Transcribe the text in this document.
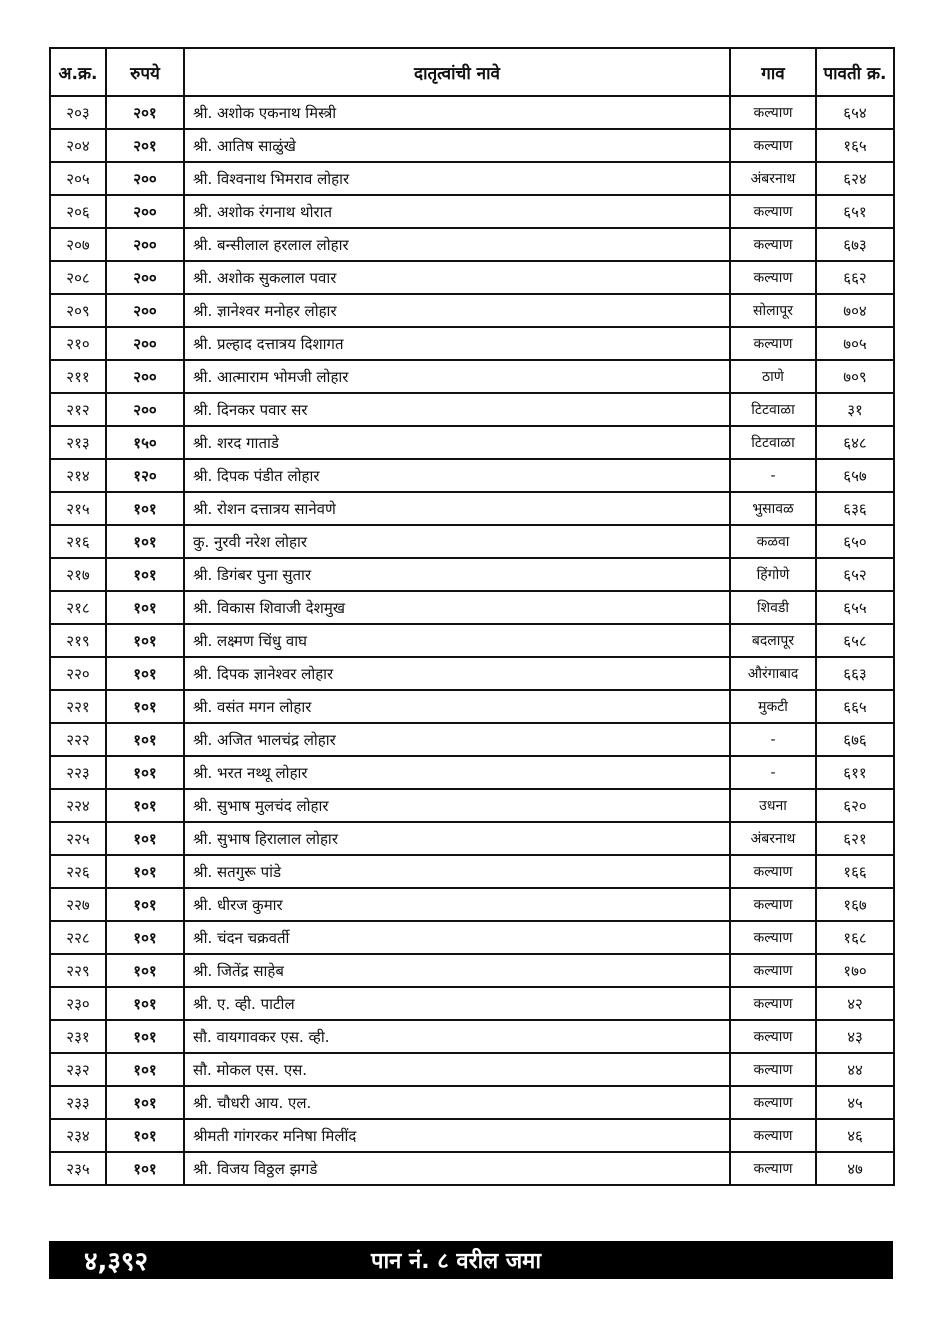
अ.क्र.	रुपये	दातृत्वांची नावे	गाव	पावती क्र.
२०३	२०१	श्री. अशोक एकनाथ मिस्त्री	कल्याण	६५४
२०४	२०१	श्री. आतिष साळुंखे	कल्याण	१६५
२०५	२००	श्री. विश्वनाथ भिमराव लोहार	अंबरनाथ	६२४
२०६	२००	श्री. अशोक रंगनाथ थोरात	कल्याण	६५१
२०७	२००	श्री. बन्सीलाल हरलाल लोहार	कल्याण	६७३
२०८	२००	श्री. अशोक सुकलाल पवार	कल्याण	६६२
२०९	२००	श्री. ज्ञानेश्वर मनोहर लोहार	सोलापूर	७०४
२१०	२००	श्री. प्रल्हाद दत्तात्रय दिशागत	कल्याण	७०५
२११	२००	श्री. आत्माराम भोमजी लोहार	ठाणे	७०९
२१२	२००	श्री. दिनकर पवार सर	टिटवाळा	३१
२१३	१५०	श्री. शरद गाताडे	टिटवाळा	६४८
२१४	१२०	श्री. दिपक पंडीत लोहार	-	६५७
२१५	१०१	श्री. रोशन दत्तात्रय सानेवणे	भुसावळ	६३६
२१६	१०१	कु. नुरवी नरेश लोहार	कळवा	६५०
२१७	१०१	श्री. डिगंबर पुना सुतार	हिंगोणे	६५२
२१८	१०१	श्री. विकास शिवाजी देशमुख	शिवडी	६५५
२१९	१०१	श्री. लक्ष्मण चिंधु वाघ	बदलापूर	६५८
२२०	१०१	श्री. दिपक ज्ञानेश्वर लोहार	औरंगाबाद	६६३
२२१	१०१	श्री. वसंत मगन लोहार	मुकटी	६६५
२२२	१०१	श्री. अजित भालचंद्र लोहार	-	६७६
२२३	१०१	श्री. भरत नथ्थू लोहार	-	६११
२२४	१०१	श्री. सुभाष मुलचंद लोहार	उधना	६२०
२२५	१०१	श्री. सुभाष हिरालाल लोहार	अंबरनाथ	६२१
२२६	१०१	श्री. सतगुरू पांडे	कल्याण	१६६
२२७	१०१	श्री. धीरज कुमार	कल्याण	१६७
२२८	१०१	श्री. चंदन चक्रवर्ती	कल्याण	१६८
२२९	१०१	श्री. जितेंद्र साहेब	कल्याण	१७०
२३०	१०१	श्री. ए. व्ही. पाटील	कल्याण	४२
२३१	१०१	सौ. वायगावकर एस. व्ही.	कल्याण	४३
२३२	१०१	सौ. मोकल एस. एस.	कल्याण	४४
२३३	१०१	श्री. चौधरी आय. एल.	कल्याण	४५
२३४	१०१	श्रीमती गांगरकर मनिषा मिलींद	कल्याण	४६
२३५	१०१	श्री. विजय विठ्ठल झगडे	कल्याण	४७
४,३९२	पान नं. ८ वरील जमा
